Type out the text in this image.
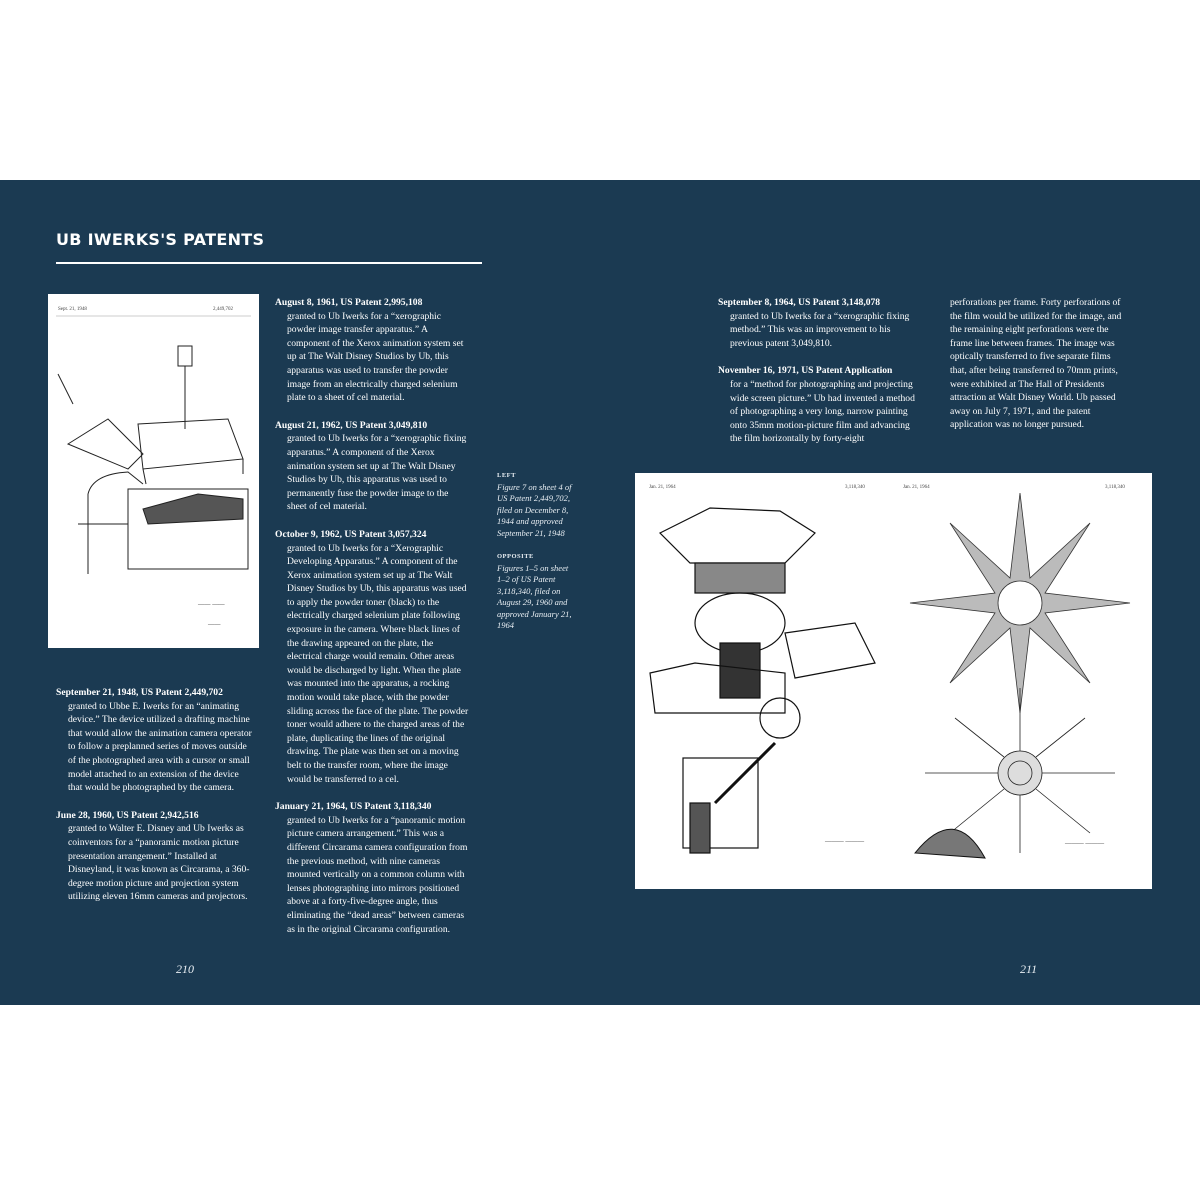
UB IWERKS'S PATENTS
Sept. 21, 1948	2,449,702
—— ——
——
September 21, 1948, US Patent 2,449,702
granted to Ubbe E. Iwerks for an “animating device.” The device utilized a drafting machine that would allow the animation camera operator to follow a preplanned series of moves outside of the photographed area with a cursor or small model attached to an extension of the device that would be photographed by the camera.
June 28, 1960, US Patent 2,942,516
granted to Walter E. Disney and Ub Iwerks as coinventors for a “panoramic motion picture presentation arrangement.” Installed at Disneyland, it was known as Circarama, a 360-degree motion picture and projection system utilizing eleven 16mm cameras and projectors.
August 8, 1961, US Patent 2,995,108
granted to Ub Iwerks for a “xerographic powder image transfer apparatus.” A component of the Xerox animation system set up at The Walt Disney Studios by Ub, this apparatus was used to transfer the powder image from an electrically charged selenium plate to a sheet of cel material.
August 21, 1962, US Patent 3,049,810
granted to Ub Iwerks for a “xerographic fixing apparatus.” A component of the Xerox animation system set up at The Walt Disney Studios by Ub, this apparatus was used to permanently fuse the powder image to the sheet of cel material.
October 9, 1962, US Patent 3,057,324
granted to Ub Iwerks for a “Xerographic Developing Apparatus.” A component of the Xerox animation system set up at The Walt Disney Studios by Ub, this apparatus was used to apply the powder toner (black) to the electrically charged selenium plate following exposure in the camera. Where black lines of the drawing appeared on the plate, the electrical charge would remain. Other areas would be discharged by light. When the plate was mounted into the apparatus, a rocking motion would take place, with the powder sliding across the face of the plate. The powder toner would adhere to the charged areas of the plate, duplicating the lines of the original drawing. The plate was then set on a moving belt to the transfer room, where the image would be transferred to a cel.
January 21, 1964, US Patent 3,118,340
granted to Ub Iwerks for a “panoramic motion picture camera arrangement.” This was a different Circarama camera configuration from the previous method, with nine cameras mounted vertically on a common column with lenses photographing into mirrors positioned above at a forty-five-degree angle, thus eliminating the “dead areas” between cameras as in the original Circarama configuration.

LEFT
Figure 7 on sheet 4 of US Patent 2,449,702, filed on December 8, 1944 and approved September 21, 1948

OPPOSITE
Figures 1–5 on sheet 1–2 of US Patent 3,118,340, filed on August 29, 1960 and approved January 21, 1964

210
September 8, 1964, US Patent 3,148,078
granted to Ub Iwerks for a “xerographic fixing method.” This was an improvement to his previous patent 3,049,810.
November 16, 1971, US Patent Application
for a “method for photographing and projecting wide screen picture.” Ub had invented a method of photographing a very long, narrow painting onto 35mm motion-picture film and advancing the film horizontally by forty-eight
perforations per frame. Forty perforations of the film would be utilized for the image, and the remaining eight perforations were the frame line between frames. The image was optically transferred to five separate films that, after being transferred to 70mm prints, were exhibited at The Hall of Presidents attraction at Walt Disney World. Ub passed away on July 7, 1971, and the patent application was no longer pursued.
Jan. 21, 1964	3,118,340	Jan. 21, 1964	3,118,340
——— ———	——— ———
211
